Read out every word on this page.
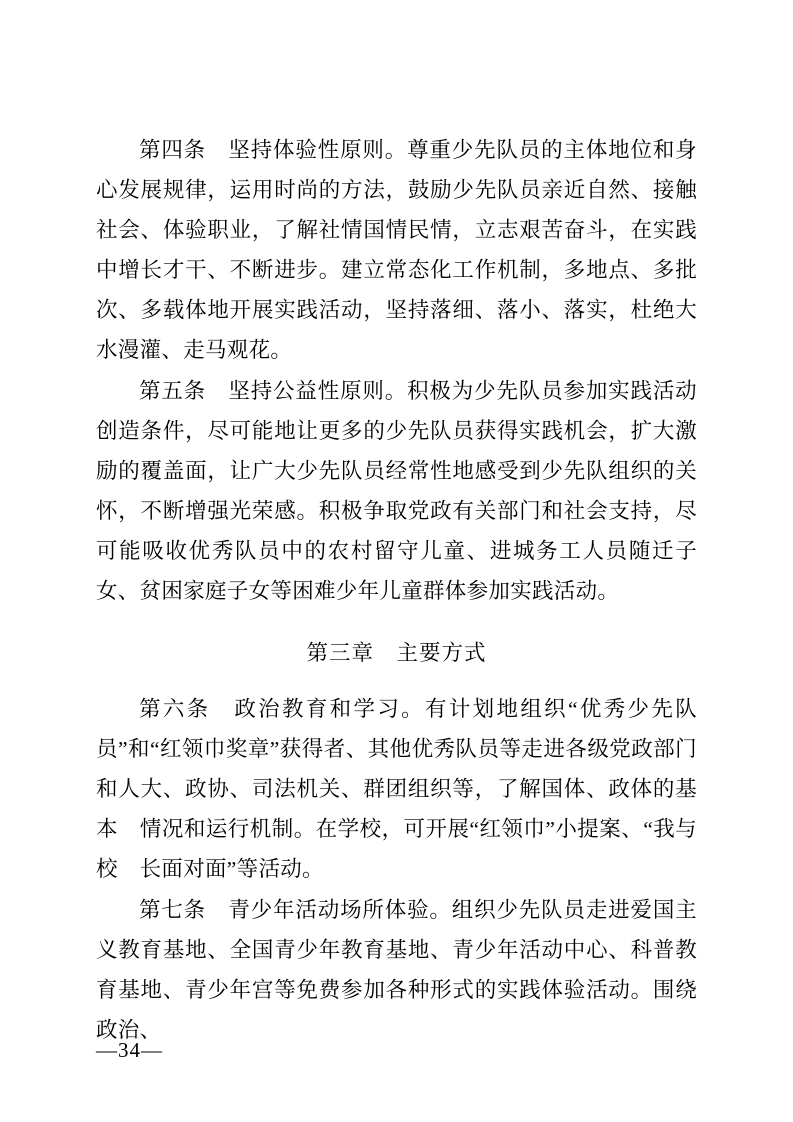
第四条　坚持体验性原则。尊重少先队员的主体地位和身心发展规律，运用时尚的方法，鼓励少先队员亲近自然、接触社会、体验职业，了解社情国情民情，立志艰苦奋斗，在实践中增长才干、不断进步。建立常态化工作机制，多地点、多批次、多载体地开展实践活动，坚持落细、落小、落实，杜绝大水漫灌、走马观花。

第五条　坚持公益性原则。积极为少先队员参加实践活动创造条件，尽可能地让更多的少先队员获得实践机会，扩大激励的覆盖面，让广大少先队员经常性地感受到少先队组织的关怀，不断增强光荣感。积极争取党政有关部门和社会支持，尽可能吸收优秀队员中的农村留守儿童、进城务工人员随迁子女、贫困家庭子女等困难少年儿童群体参加实践活动。

第三章　主要方式

第六条　政治教育和学习。有计划地组织“优秀少先队员”和“红领巾奖章”获得者、其他优秀队员等走进各级党政部门　和人大、政协、司法机关、群团组织等，了解国体、政体的基本　情况和运行机制。在学校，可开展“红领巾”小提案、“我与校　长面对面”等活动。

第七条　青少年活动场所体验。组织少先队员走进爱国主义教育基地、全国青少年教育基地、青少年活动中心、科普教育基地、青少年宫等免费参加各种形式的实践体验活动。围绕政治、

—34—
